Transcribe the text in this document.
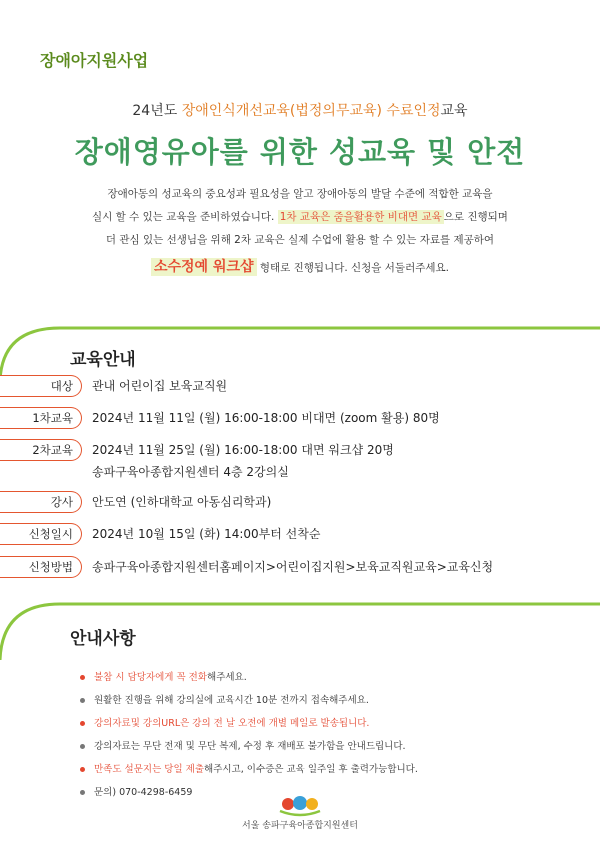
장애아지원사업
24년도 장애인식개선교육(법정의무교육) 수료인정교육
장애영유아를 위한 성교육 및 안전
장애아동의 성교육의 중요성과 필요성을 알고 장애아동의 발달 수준에 적합한 교육을
실시 할 수 있는 교육을 준비하였습니다. 1차 교육은 줌을활용한 비대면 교육 으로 진행되며
더 관심 있는 선생님을 위해 2차 교육은 실제 수업에 활용 할 수 있는 자료를 제공하여
소수정예 워크샵 형태로 진행됩니다. 신청을 서둘러주세요.
교육안내
대상	관내 어린이집 보육교직원
1차교육	2024년 11월 11일 (월) 16:00-18:00 비대면 (zoom 활용) 80명
2차교육	2024년 11월 25일 (월) 16:00-18:00 대면 워크샵 20명
송파구육아종합지원센터 4층 2강의실
강사	안도연 (인하대학교 아동심리학과)
신청일시	2024년 10월 15일 (화) 14:00부터 선착순
신청방법	송파구육아종합지원센터홈페이지>어린이집지원>보육교직원교육>교육신청
안내사항
불참 시 담당자에게 꼭 전화해주세요.
원활한 진행을 위해 강의실에 교육시간 10분 전까지 접속해주세요.
강의자료및 강의URL은 강의 전 날 오전에 개별 메일로 발송됩니다.
강의자료는 무단 전재 및 무단 복제, 수정 후 재배포 불가함을 안내드립니다.
만족도 설문지는 당일 제출해주시고, 이수증은 교육 일주일 후 출력가능합니다.
문의) 070-4298-6459
서울 송파구육아종합지원센터
